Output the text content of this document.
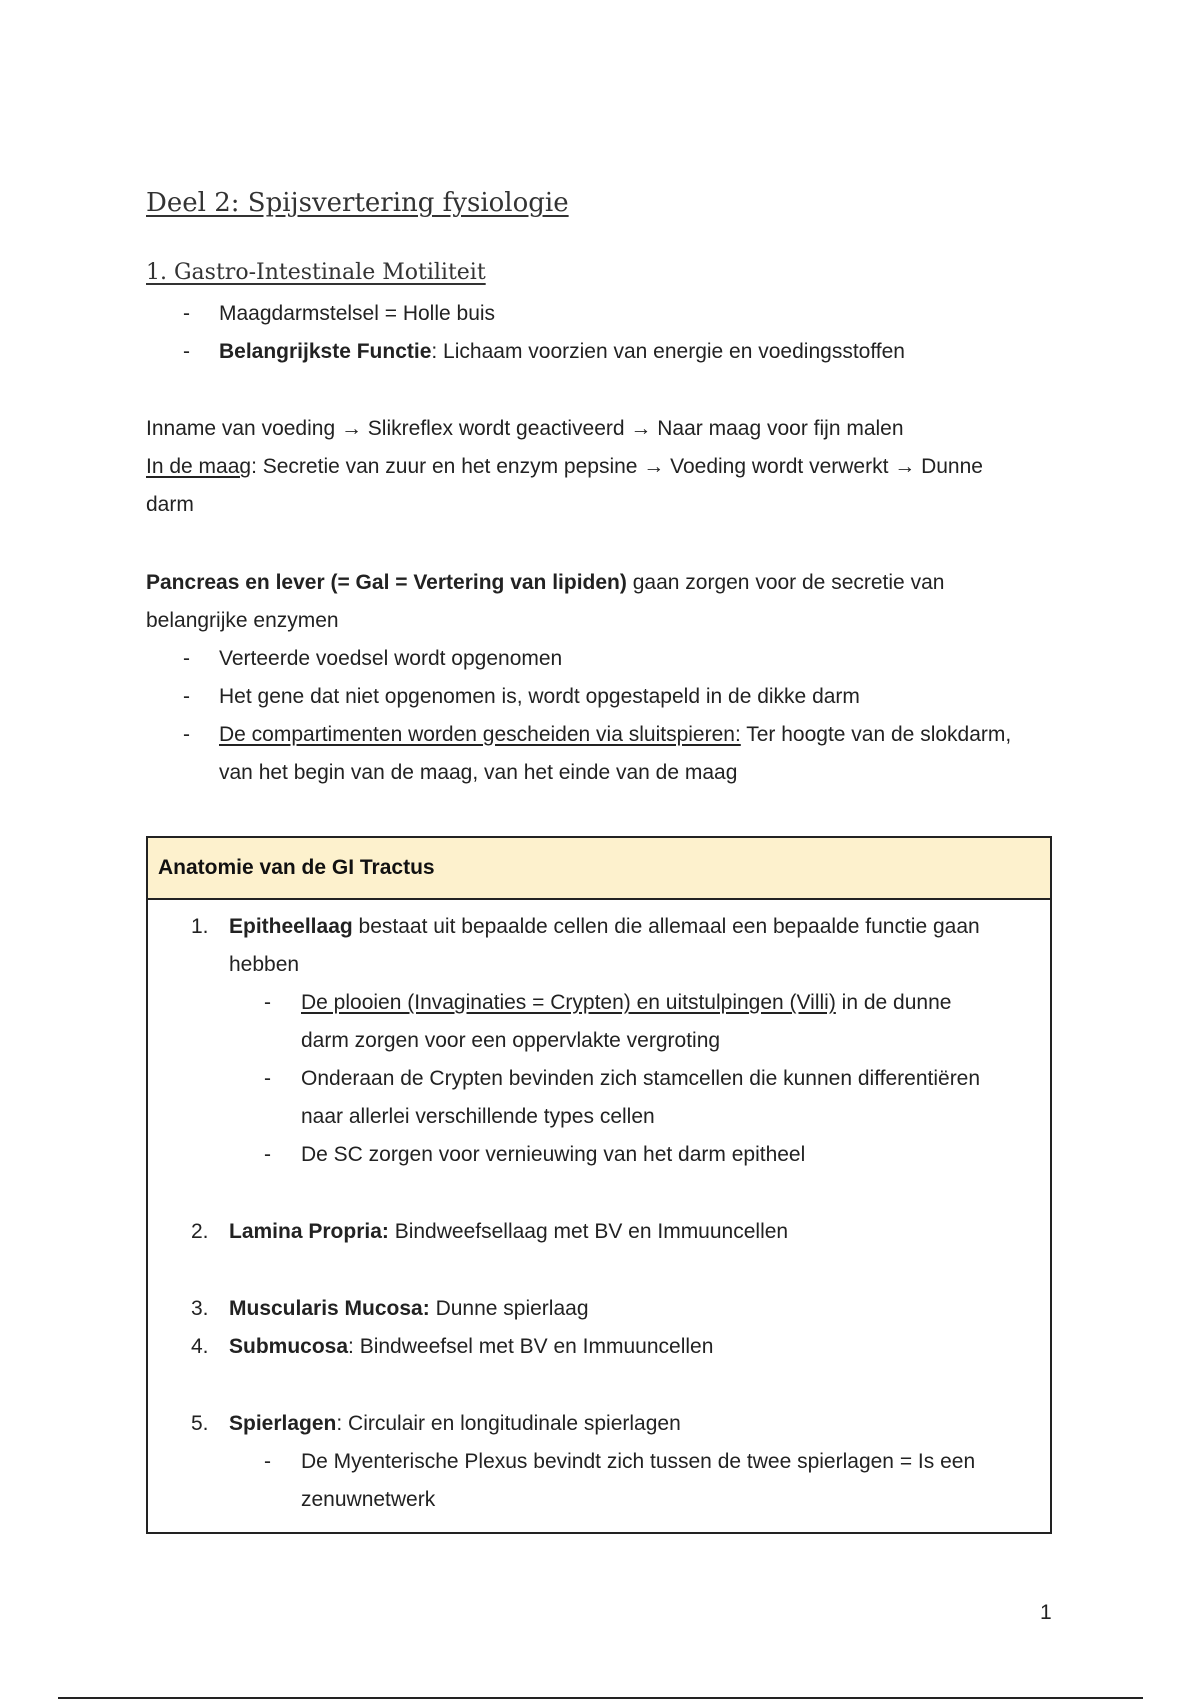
Deel 2: Spijsvertering fysiologie
1. Gastro-Intestinale Motiliteit
- Maagdarmstelsel = Holle buis
- Belangrijkste Functie: Lichaam voorzien van energie en voedingsstoffen
Inname van voeding → Slikreflex wordt geactiveerd → Naar maag voor fijn malen
In de maag: Secretie van zuur en het enzym pepsine → Voeding wordt verwerkt → Dunne
darm
Pancreas en lever (= Gal = Vertering van lipiden) gaan zorgen voor de secretie van
belangrijke enzymen
- Verteerde voedsel wordt opgenomen
- Het gene dat niet opgenomen is, wordt opgestapeld in de dikke darm
- De compartimenten worden gescheiden via sluitspieren: Ter hoogte van de slokdarm,
van het begin van de maag, van het einde van de maag
Anatomie van de GI Tractus
1. Epitheellaag bestaat uit bepaalde cellen die allemaal een bepaalde functie gaan
hebben
- De plooien (Invaginaties = Crypten) en uitstulpingen (Villi) in de dunne
darm zorgen voor een oppervlakte vergroting
- Onderaan de Crypten bevinden zich stamcellen die kunnen differentiëren
naar allerlei verschillende types cellen
- De SC zorgen voor vernieuwing van het darm epitheel
2. Lamina Propria: Bindweefsellaag met BV en Immuuncellen
3. Muscularis Mucosa: Dunne spierlaag
4. Submucosa: Bindweefsel met BV en Immuuncellen
5. Spierlagen: Circulair en longitudinale spierlagen
- De Myenterische Plexus bevindt zich tussen de twee spierlagen = Is een
zenuwnetwerk
1
